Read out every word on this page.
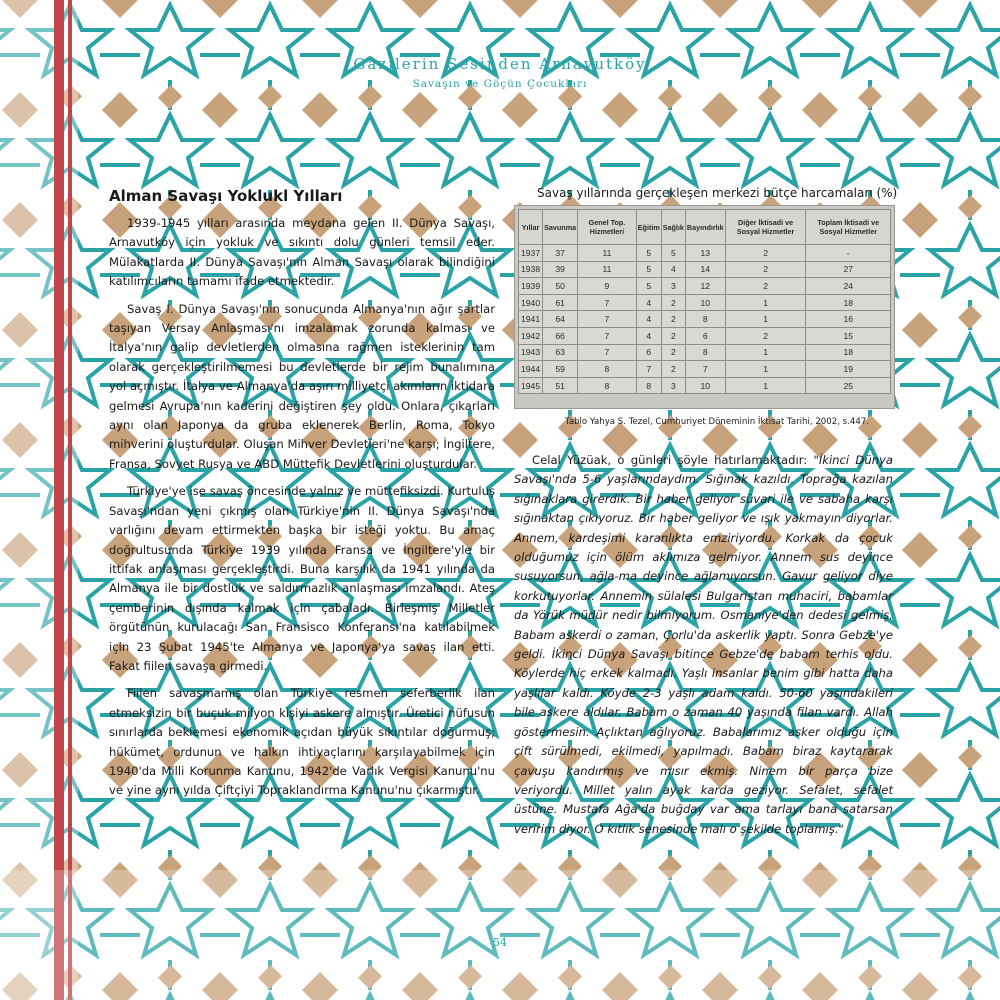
Gazilerin Sesinden Arnavutköy
Savaşın ve Göçün Çocukları
Alman Savaşı Yoklukl Yılları

1939-1945 yılları arasında meydana gelen II. Dünya Savaşı, Arnavutköy için yokluk ve sıkıntı dolu günleri temsil eder. Mülakatlarda II. Dünya Savaşı'nın Alman Savaşı olarak bilindiğini katılımcıların tamamı ifade etmektedir.

Savaş I. Dünya Savaşı'nın sonucunda Almanya'nın ağır şartlar taşıyan Versay Anlaşması'nı imzalamak zorunda kalması ve İtalya'nın galip devletlerden olmasına rağmen isteklerinin tam olarak gerçekleştirilmemesi bu devletlerde bir rejim bunalımına yol açmıştır. İtalya ve Almanya'da aşırı milliyetçi akımların iktidara gelmesi Avrupa'nın kaderini değiştiren şey oldu. Onlara, çıkarları aynı olan Japonya da gruba eklenerek Berlin, Roma, Tokyo mihverini oluşturdular. Oluşan Mihver Devletleri'ne karşı; İngiltere, Fransa, Sovyet Rusya ve ABD Müttefik Devletlerini oluşturdular.

Türkiye'ye ise savaş öncesinde yalnız ve müttefiksizdi. Kurtuluş Savaşı'ndan yeni çıkmış olan Türkiye'nin II. Dünya Savaşı'nda varlığını devam ettirmekten başka bir isteği yoktu. Bu amaç doğrultusunda Türkiye 1939 yılında Fransa ve İngiltere'yle bir ittifak anlaşması gerçekleştirdi. Buna karşılık da 1941 yılında da Almanya ile bir dostluk ve saldırmazlık anlaşması imzalandı. Ateş çemberinin dışında kalmak için çabaladı. Birleşmiş Milletler örgütünün kurulacağı San Fransisco Konferansı'na katılabilmek için 23 Şubat 1945'te Almanya ve Japonya'ya savaş ilan etti. Fakat fiilen savaşa girmedi.

Fiilen savaşmamış olan Türkiye resmen seferberlik ilan etmeksizin bir buçuk milyon kişiyi askere almıştır. Üretici nüfusun sınırlarda beklemesi ekonomik açıdan büyük sıkıntılar doğurmuş; hükümet, ordunun ve halkın ihtiyaçlarını karşılayabilmek için 1940'da Milli Korunma Kanunu, 1942'de Varlık Vergisi Kanunu'nu ve yine aynı yılda Çiftçiyi Topraklandırma Kanunu'nu çıkarmıştır.

Savaş yıllarında gerçekleşen merkezi bütçe harcamaları (%)
Yıllar	Savunma	Genel Top. Hizmetleri	Eğitim	Sağlık	Bayındırlık	Diğer İktisadi ve Sosyal Hizmetler	Toplam İktisadi ve Sosyal Hizmetler
1937	37	11	5	5	13	2	-
1938	39	11	5	4	14	2	27
1939	50	9	5	3	12	2	24
1940	61	7	4	2	10	1	18
1941	64	7	4	2	8	1	16
1942	66	7	4	2	6	2	15
1943	63	7	6	2	8	1	18
1944	59	8	7	2	7	1	19
1945	51	8	8	3	10	1	25
Tablo Yahya S. Tezel, Cumhuriyet Döneminin İktisat Tarihi, 2002, s.447.

Celal Yüzüak, o günleri şöyle hatırlamaktadır: "İkinci Dünya Savaşı'nda 5-6 yaşlarındaydım. Sığınak kazıldı. Toprağa kazılan sığınaklara girerdik. Bir haber geliyor süvari ile ve sabaha karşı sığınaktan çıkıyoruz. Bir haber geliyor ve ışık yakmayın diyorlar. Annem, kardeşimi karanlıkta emziriyordu. Korkak da çocuk olduğumuz için ölüm aklımıza gelmiyor. Annem sus deyince susuyorsun, ağla-ma deyince ağlamıyorsun. Gavur geliyor diye korkutuyorlar. Annemin sülalesi Bulgaristan muhaciri, babamlar da Yörük müdür nedir bilmiyorum. Osmaniye'den dedesi gelmiş. Babam askerdi o zaman, Çorlu'da askerlik yaptı. Sonra Gebze'ye geldi. İkinci Dünya Savaşı bitince Gebze'de babam terhis oldu. Köylerde hiç erkek kalmadı. Yaşlı insanlar benim gibi hatta daha yaşlılar kaldı. Köyde 2-3 yaşlı adam kaldı. 50-60 yaşındakileri bile askere aldılar. Babam o zaman 40 yaşında filan vardı. Allah göstermesin. Açlıktan ağlıyoruz. Babalarımız asker olduğu için çift sürülmedi, ekilmedi, yapılmadı. Babam biraz kaytararak çavuşu kandırmış ve mısır ekmiş. Ninem bir parça bize veriyordu. Millet yalın ayak karda geziyor. Sefalet, sefalet üstüne. Mustafa Ağa'da buğday var ama tarlayı bana satarsan veririm diyor. O kıtlık senesinde malı o şekilde toplamış."

54
